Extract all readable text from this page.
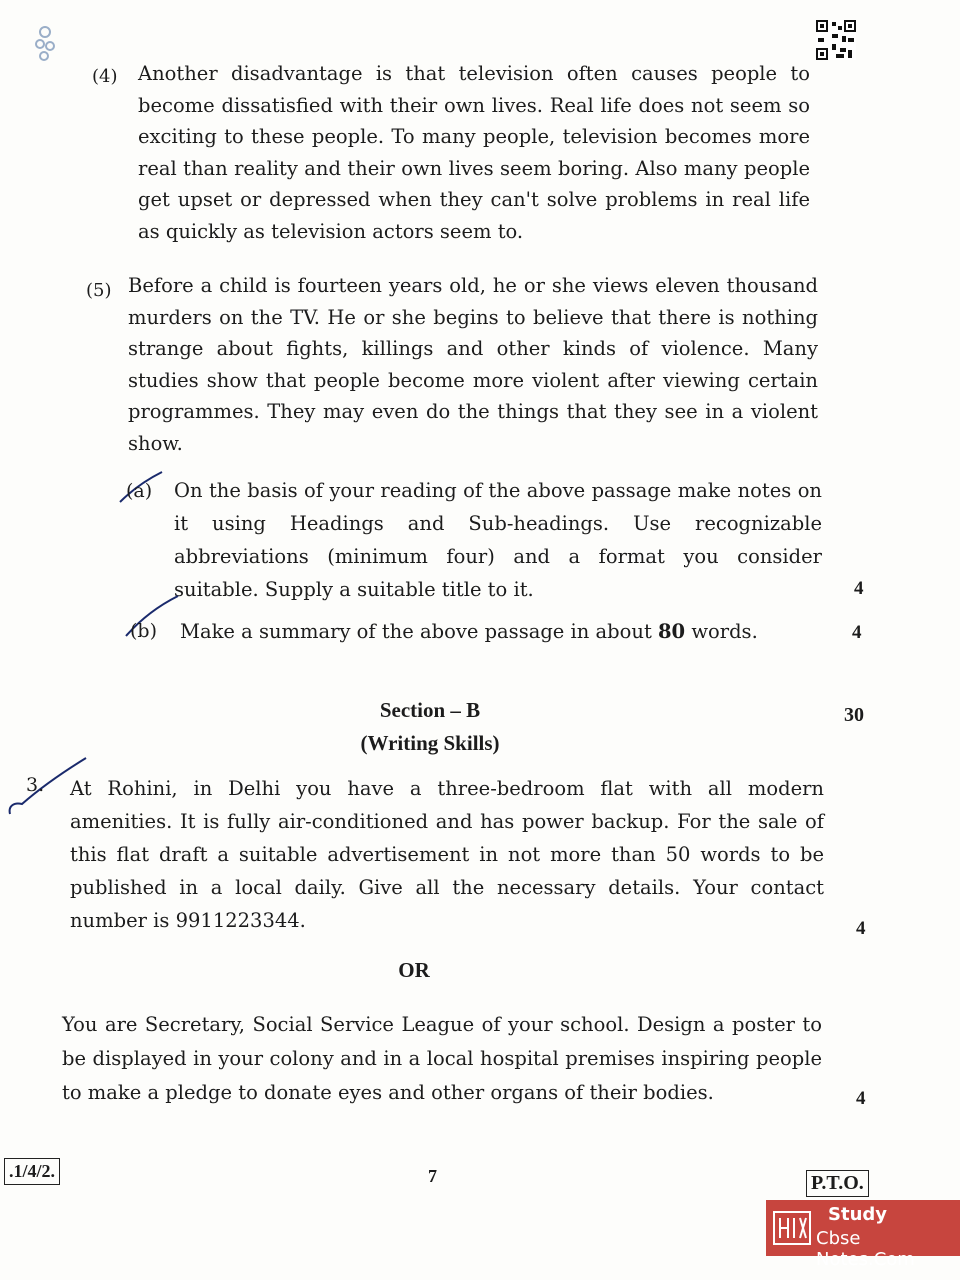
(4) Another disadvantage is that television often causes people to become dissatisfied with their own lives. Real life does not seem so exciting to these people. To many people, television becomes more real than reality and their own lives seem boring. Also many people get upset or depressed when they can't solve problems in real life as quickly as television actors seem to.
(5) Before a child is fourteen years old, he or she views eleven thousand murders on the TV. He or she begins to believe that there is nothing strange about fights, killings and other kinds of violence. Many studies show that people become more violent after viewing certain programmes. They may even do the things that they see in a violent show.
(a) On the basis of your reading of the above passage make notes on it using Headings and Sub-headings. Use recognizable abbreviations (minimum four) and a format you consider suitable. Supply a suitable title to it.	4
(b) Make a summary of the above passage in about 80 words.	4
Section – B
(Writing Skills)
30
3. At Rohini, in Delhi you have a three-bedroom flat with all modern amenities. It is fully air-conditioned and has power backup. For the sale of this flat draft a suitable advertisement in not more than 50 words to be published in a local daily. Give all the necessary details. Your contact number is 9911223344.	4
OR
You are Secretary, Social Service League of your school. Design a poster to be displayed in your colony and in a local hospital premises inspiring people to make a pledge to donate eyes and other organs of their bodies.	4
.1/4/2.	7	P.T.O.
Study
Cbse Notes.Com
